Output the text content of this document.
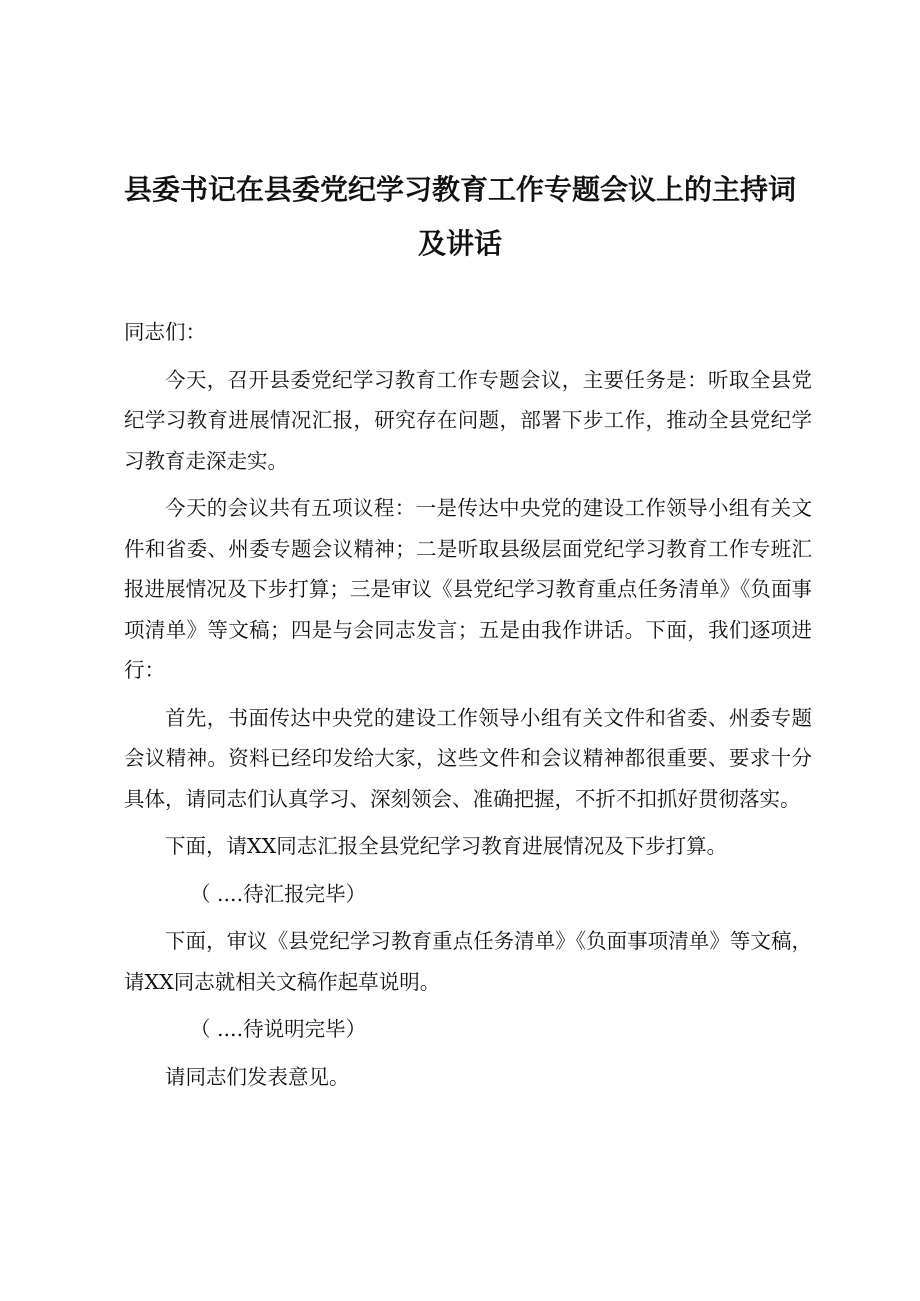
县委书记在县委党纪学习教育工作专题会议上的主持词
及讲话

同志们：

今天，召开县委党纪学习教育工作专题会议，主要任务是：听取全县党纪学习教育进展情况汇报，研究存在问题，部署下步工作，推动全县党纪学习教育走深走实。

今天的会议共有五项议程：一是传达中央党的建设工作领导小组有关文件和省委、州委专题会议精神；二是听取县级层面党纪学习教育工作专班汇报进展情况及下步打算；三是审议《县党纪学习教育重点任务清单》《负面事项清单》等文稿；四是与会同志发言；五是由我作讲话。下面，我们逐项进行：

首先，书面传达中央党的建设工作领导小组有关文件和省委、州委专题会议精神。资料已经印发给大家，这些文件和会议精神都很重要、要求十分具体，请同志们认真学习、深刻领会、准确把握，不折不扣抓好贯彻落实。

下面，请XX同志汇报全县党纪学习教育进展情况及下步打算。

（ ....待汇报完毕）

下面，审议《县党纪学习教育重点任务清单》《负面事项清单》等文稿，请XX同志就相关文稿作起草说明。

（ ....待说明完毕）

请同志们发表意见。
